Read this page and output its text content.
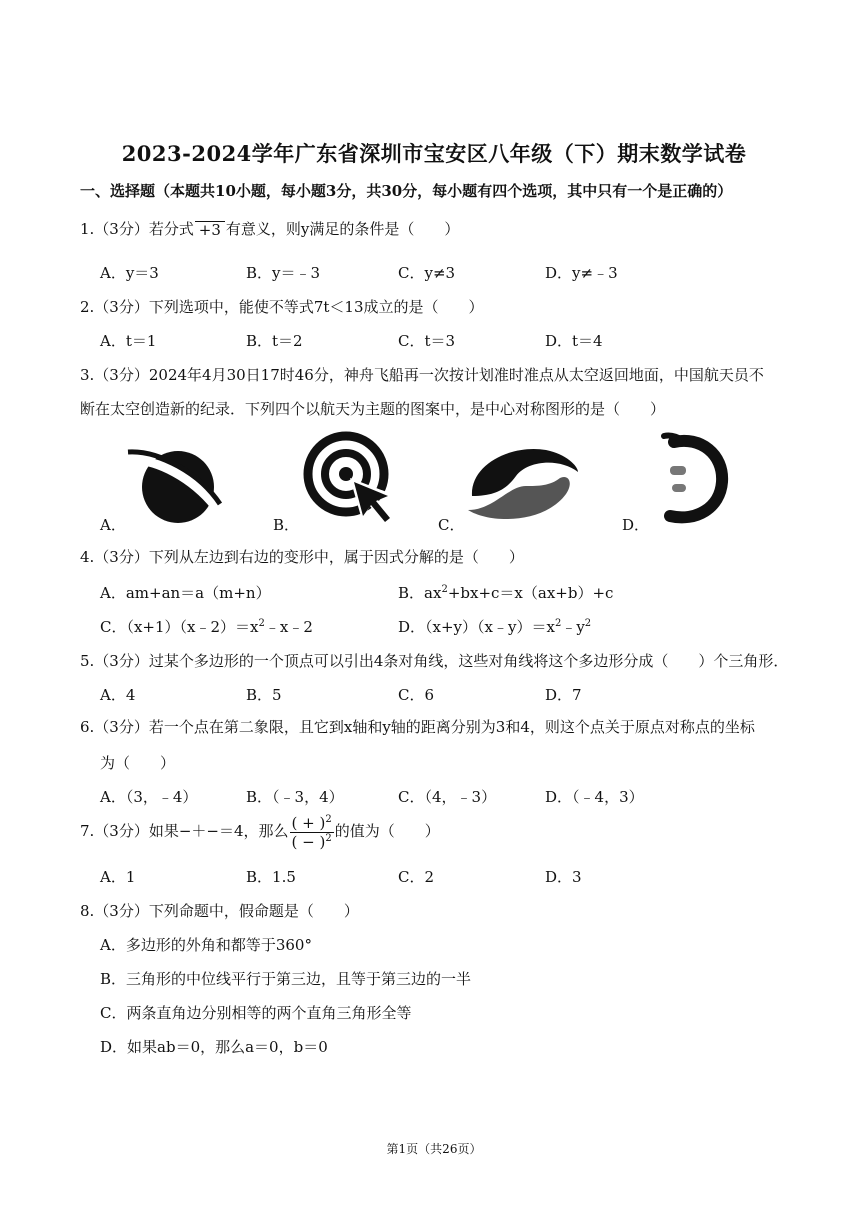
2023-2024学年广东省深圳市宝安区八年级（下）期末数学试卷
一、选择题（本题共10小题，每小题3分，共30分，每小题有四个选项，其中只有一个是正确的）
1.（3分）若分式 +3 有意义，则y满足的条件是（　　）
A．y＝3	B．y＝﹣3	C．y≠3	D．y≠﹣3
2.（3分）下列选项中，能使不等式7t＜13成立的是（　　）
A．t＝1	B．t＝2	C．t＝3	D．t＝4
3.（3分）2024年4月30日17时46分，神舟飞船再一次按计划准时准点从太空返回地面，中国航天员不
断在太空创造新的纪录．下列四个以航天为主题的图案中，是中心对称图形的是（　　）
A．	B．	C．	D．
4.（3分）下列从左边到右边的变形中，属于因式分解的是（　　）
A．am+an＝a（m+n）	B．$ax^2+bx+c=x(ax+b)+c$
C．$(x+1)(x﹣2)=x^2﹣x﹣2$	D．$(x+y)(x﹣y)=x^2﹣y^2$
5.（3分）过某个多边形的一个顶点可以引出4条对角线，这些对角线将这个多边形分成（　　）个三角形．
A．4	B．5	C．6	D．7
6.（3分）若一个点在第二象限，且它到x轴和y轴的距离分别为3和4，则这个点关于原点对称点的坐标
为（　　）
A．（3，﹣4）	B．（﹣3，4）	C．（4，﹣3）	D．（﹣4，3）
7.（3分）如果−＋−＝4，那么 $\frac{( + )^2}{( - )^2}$ 的值为（　　）
A．1	B．1.5	C．2	D．3
8.（3分）下列命题中，假命题是（　　）
A．多边形的外角和都等于360°
B．三角形的中位线平行于第三边，且等于第三边的一半
C．两条直角边分别相等的两个直角三角形全等
D．如果ab＝0，那么a＝0，b＝0
第1页（共26页）
